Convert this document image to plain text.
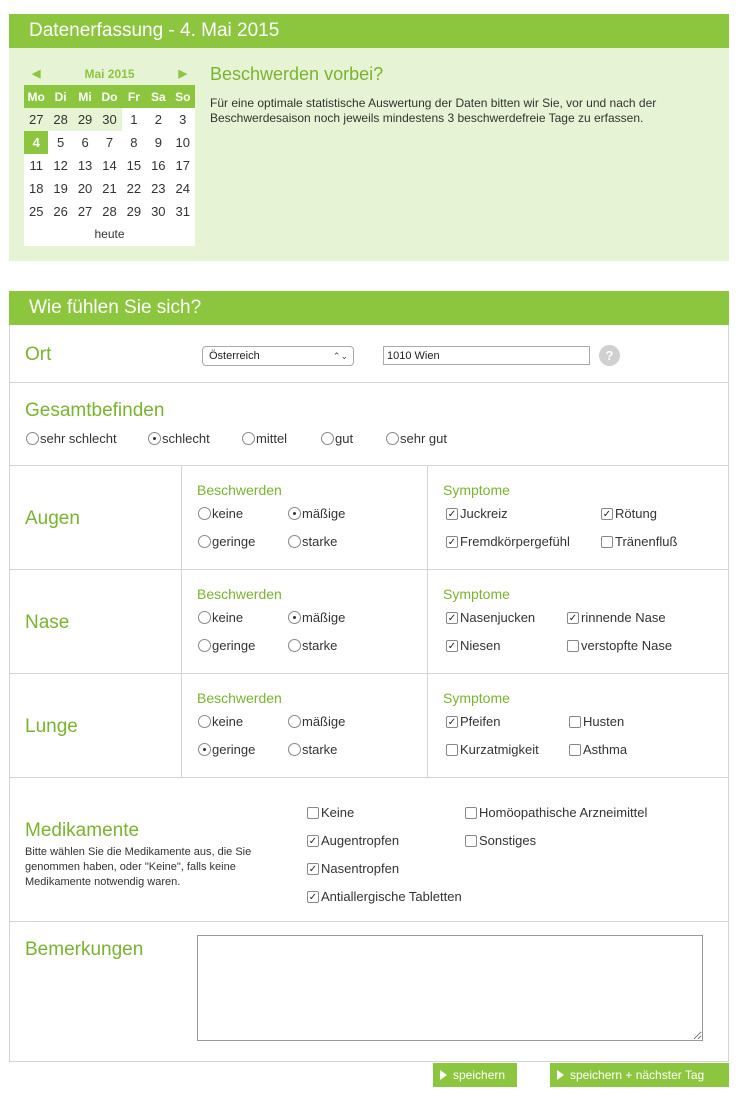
Datenerfassung - 4. Mai 2015
◀	Mai 2015	▶
Mo	Di	Mi	Do	Fr	Sa	So
27	28	29	30	1	2	3
4	5	6	7	8	9	10
11	12	13	14	15	16	17
18	19	20	21	22	23	24
25	26	27	28	29	30	31
heute
Beschwerden vorbei?
Für eine optimale statistische Auswertung der Daten bitten wir Sie, vor und nach der Beschwerdesaison noch jeweils mindestens 3 beschwerdefreie Tage zu erfassen.
Wie fühlen Sie sich?
Ort	Österreich	⌃⌄
1010 Wien	?
Gesamtbefinden
sehr schlecht	schlecht	mittel	gut	sehr gut
Augen
Beschwerden
keine	mäßige
geringe	starke
Symptome
✓ Juckreiz	✓ Rötung
✓ Fremdkörpergefühl	Tränenfluß
Nase
Beschwerden
keine	mäßige
geringe	starke
Symptome
✓ Nasenjucken	✓ rinnende Nase
✓ Niesen	verstopfte Nase
Lunge
Beschwerden
keine	mäßige
geringe	starke
Symptome
✓ Pfeifen	Husten
Kurzatmigkeit	Asthma
Medikamente
Bitte wählen Sie die Medikamente aus, die Sie genommen haben, oder "Keine", falls keine Medikamente notwendig waren.
Keine	Homöopathische Arzneimittel
✓ Augentropfen	Sonstiges
✓ Nasentropfen
✓ Antiallergische Tabletten
Bemerkungen
speichern	speichern + nächster Tag
